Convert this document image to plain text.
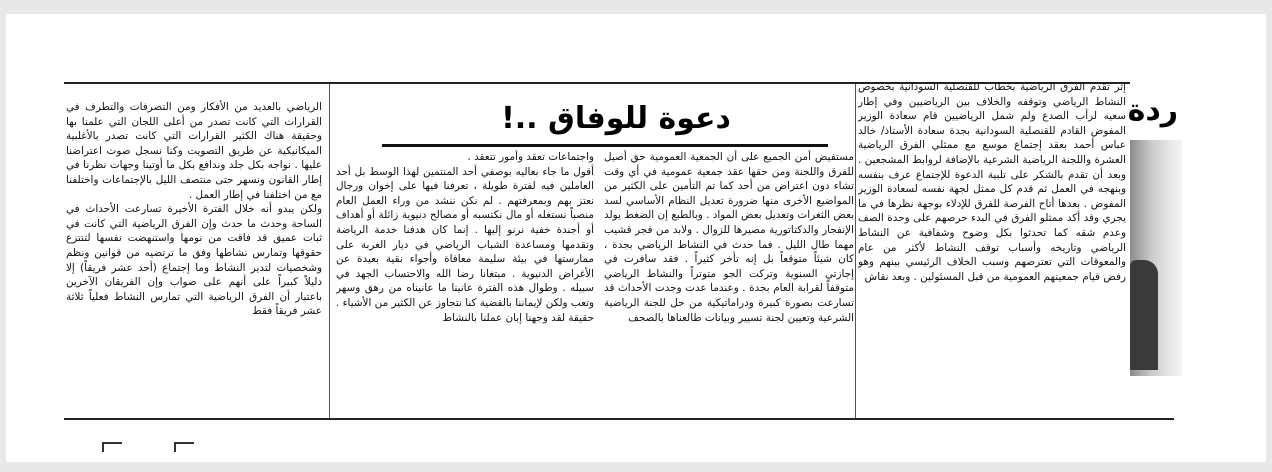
دعوة للوفاق ..!	ردة

إثر تقدم الفرق الرياضية بخطاب للقنصلية السودانية بخصوص النشاط الرياضي وتوقفه والخلاف بين الرياضيين وفي إطار سعيه لرأب الصدع ولم شمل الرياضيين قام سعادة الوزير المفوض القادم للقنصلية السودانية بجدة سعادة الأستاذ/ خالد عباس أحمد بعقد إجتماع موسع مع ممثلي الفرق الرياضية العشرة واللجنة الرياضية الشرعية بالإضافة لروابط المشجعين . وبعد أن تقدم بالشكر على تلبية الدعوة للإجتماع عرف بنفسه وبنهجه في العمل ثم قدم كل ممثل لجهة نفسه لسعادة الوزير المفوض . بعدها أتاح الفرصة للفرق للإدلاء بوجهة نظرها في ما يجري وقد أكد ممثلو الفرق في البدء حرصهم على وحدة الصف وعدم شقه كما تحدثوا بكل وضوح وشفافية عن النشاط الرياضي وتاريخه وأسباب توقف النشاط لأكثر من عام والمعوقات التي تعترضهم وسبب الخلاف الرئيسي بينهم وهو رفض قيام جمعيتهم العمومية من قبل المسئولين . وبعد نقاش

مستفيض أمن الجميع على أن الجمعية العمومية حق أصيل للفرق واللجنة ومن حقها عقد جمعية عمومية في أي وقت تشاء دون اعتراض من أحد كما تم التأمين على الكثير من المواضيع الأخرى منها ضرورة تعديل النظام الأساسي لسد بعض الثغرات وتعديل بعض المواد . وبالطبع إن الضغط يولد الإنفجار والدكتاتورية مصيرها للزوال . ولابد من فجر قشيب مهما طال الليل . فما حدث في النشاط الرياضي بجدة ، كان شيئاً متوقعاً بل إنه تأخر كثيراً . فقد سافرت في إجازتي السنوية وتركت الجو متوتراً والنشاط الرياضي متوقفاً لقرابة العام بجدة . وعندما عدت وجدت الأحداث قد تسارعت بصورة كبيرة ودراماتيكية من حل للجنة الرياضية الشرعية وتعيين لجنة تسيير وبيانات طالعناها بالصحف

واجتماعات تعقد وأمور تتعقد .

أقول ما جاء بعاليه بوصفي أحد المنتمين لهذا الوسط بل أحد العاملين فيه لفترة طويلة ، تعرفنا فيها على إخوان ورجال نعتز بهم وبمعرفتهم . لم نكن ننشد من وراء العمل العام منصباً نستغله أو مال نكتسبه أو مصالح دنيوية زائلة أو أهداف أو أجندة خفية نرنو إليها . إنما كان هدفنا خدمة الرياضة وتقدمها ومساعدة الشباب الرياضي في ديار الغربة على ممارستها في بيئة سليمة معافاة وأجواء نقية بعيدة عن الأغراض الدنيوية . مبتغانا رضا الله والاحتساب الجهد في سبيله . وطوال هذه الفترة عانينا ما عانيناه من رهق وسهر وتعب ولكن لإيماننا بالقضية كنا نتجاوز عن الكثير من الأشياء .

حقيقة لقد وجهنا إبان عملنا بالنشاط

الرياضي بالعديد من الأفكار ومن التصرفات والتطرف في القرارات التي كانت تصدر من أعلى اللجان التي علمنا بها وحقيقة هناك الكثير القرارات التي كانت تصدر بالأغلبية الميكانيكية عن طريق التصويت وكنا نسجل صوت اعتراضنا عليها . نواجه بكل جلد وندافع بكل ما أوتينا وجهات نظرنا في إطار القانون ونسهر حتى منتصف الليل بالإجتماعات واختلفنا مع من اختلفنا في إطار العمل .

ولكن يبدو أنه خلال الفترة الأخيرة تسارعت الأحداث في الساحة وحدث ما حدث وإن الفرق الرياضية التي كانت في ثبات عميق قد فاقت من نومها واستنهضت نفسها لتنتزع حقوقها وتمارس نشاطها وفق ما ترتضيه من قوانين ونظم وشخصيات لتدير النشاط وما إجتماع (أحد عشر فريقاً) إلا دليلاً كبيراً على أنهم على صواب وإن الفريقان الآخرين باعتبار أن الفرق الرياضية التي تمارس النشاط فعلياً ثلاثة عشر فريقاً فقط
